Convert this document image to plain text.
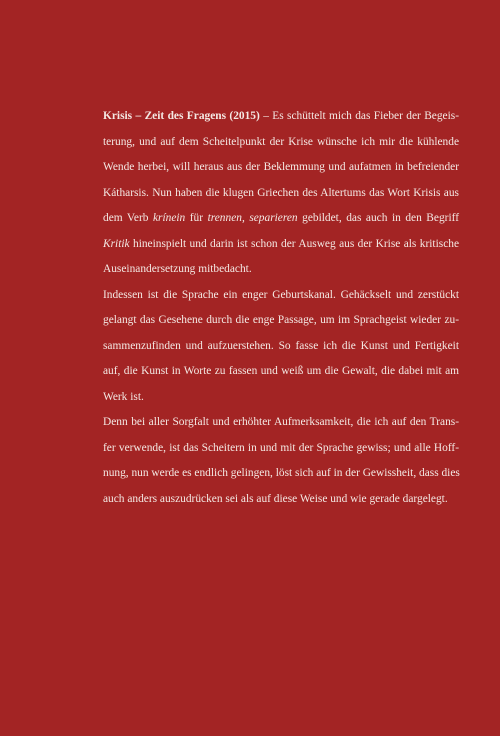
Krisis – Zeit des Fragens (2015) – Es schüttelt mich das Fieber der Begeis-
terung, und auf dem Scheitelpunkt der Krise wünsche ich mir die kühlende
Wende herbei, will heraus aus der Beklemmung und aufatmen in befreiender
Kátharsis. Nun haben die klugen Griechen des Altertums das Wort Krisis aus
dem Verb krínein für trennen, separieren gebildet, das auch in den Begriff
Kritik hineinspielt und darin ist schon der Ausweg aus der Krise als kritische
Auseinandersetzung mitbedacht.

Indessen ist die Sprache ein enger Geburtskanal. Gehäckselt und zerstückt
gelangt das Gesehene durch die enge Passage, um im Sprachgeist wieder zu-
sammenzufinden und aufzuerstehen. So fasse ich die Kunst und Fertigkeit
auf, die Kunst in Worte zu fassen und weiß um die Gewalt, die dabei mit am
Werk ist.

Denn bei aller Sorgfalt und erhöhter Aufmerksamkeit, die ich auf den Trans-
fer verwende, ist das Scheitern in und mit der Sprache gewiss; und alle Hoff-
nung, nun werde es endlich gelingen, löst sich auf in der Gewissheit, dass dies
auch anders auszudrücken sei als auf diese Weise und wie gerade dargelegt.
